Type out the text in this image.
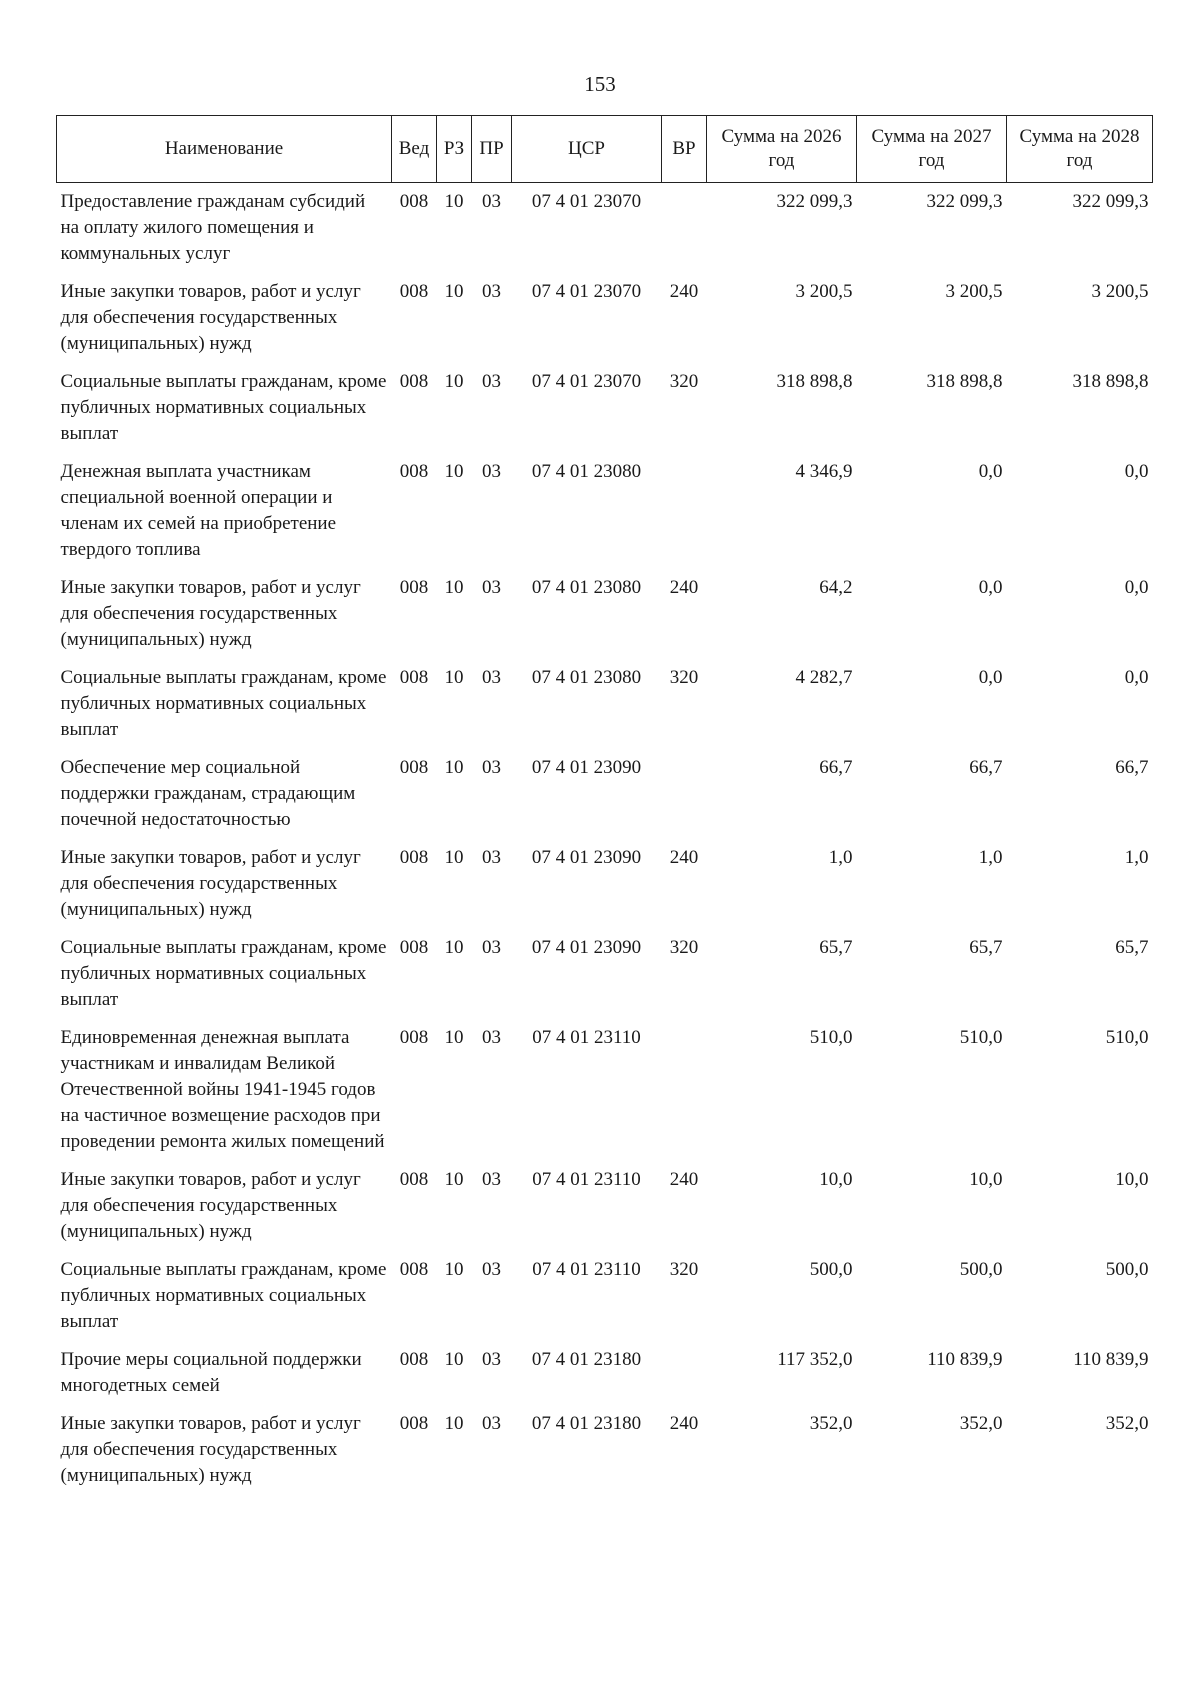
153
Наименование	Вед	РЗ	ПР	ЦСР	ВР	Сумма на 2026 год	Сумма на 2027 год	Сумма на 2028 год
Предоставление гражданам субсидий на оплату жилого помещения и коммунальных услуг	008	10	03	07 4 01 23070		322 099,3	322 099,3	322 099,3
Иные закупки товаров, работ и услуг для обеспечения государственных (муниципальных) нужд	008	10	03	07 4 01 23070	240	3 200,5	3 200,5	3 200,5
Социальные выплаты гражданам, кроме публичных нормативных социальных выплат	008	10	03	07 4 01 23070	320	318 898,8	318 898,8	318 898,8
Денежная выплата участникам специальной военной операции и членам их семей на приобретение твердого топлива	008	10	03	07 4 01 23080		4 346,9	0,0	0,0
Иные закупки товаров, работ и услуг для обеспечения государственных (муниципальных) нужд	008	10	03	07 4 01 23080	240	64,2	0,0	0,0
Социальные выплаты гражданам, кроме публичных нормативных социальных выплат	008	10	03	07 4 01 23080	320	4 282,7	0,0	0,0
Обеспечение мер социальной поддержки гражданам, страдающим почечной недостаточностью	008	10	03	07 4 01 23090		66,7	66,7	66,7
Иные закупки товаров, работ и услуг для обеспечения государственных (муниципальных) нужд	008	10	03	07 4 01 23090	240	1,0	1,0	1,0
Социальные выплаты гражданам, кроме публичных нормативных социальных выплат	008	10	03	07 4 01 23090	320	65,7	65,7	65,7
Единовременная денежная выплата участникам и инвалидам Великой Отечественной войны 1941-1945 годов на частичное возмещение расходов при проведении ремонта жилых помещений	008	10	03	07 4 01 23110		510,0	510,0	510,0
Иные закупки товаров, работ и услуг для обеспечения государственных (муниципальных) нужд	008	10	03	07 4 01 23110	240	10,0	10,0	10,0
Социальные выплаты гражданам, кроме публичных нормативных социальных выплат	008	10	03	07 4 01 23110	320	500,0	500,0	500,0
Прочие меры социальной поддержки многодетных семей	008	10	03	07 4 01 23180		117 352,0	110 839,9	110 839,9
Иные закупки товаров, работ и услуг для обеспечения государственных (муниципальных) нужд	008	10	03	07 4 01 23180	240	352,0	352,0	352,0
